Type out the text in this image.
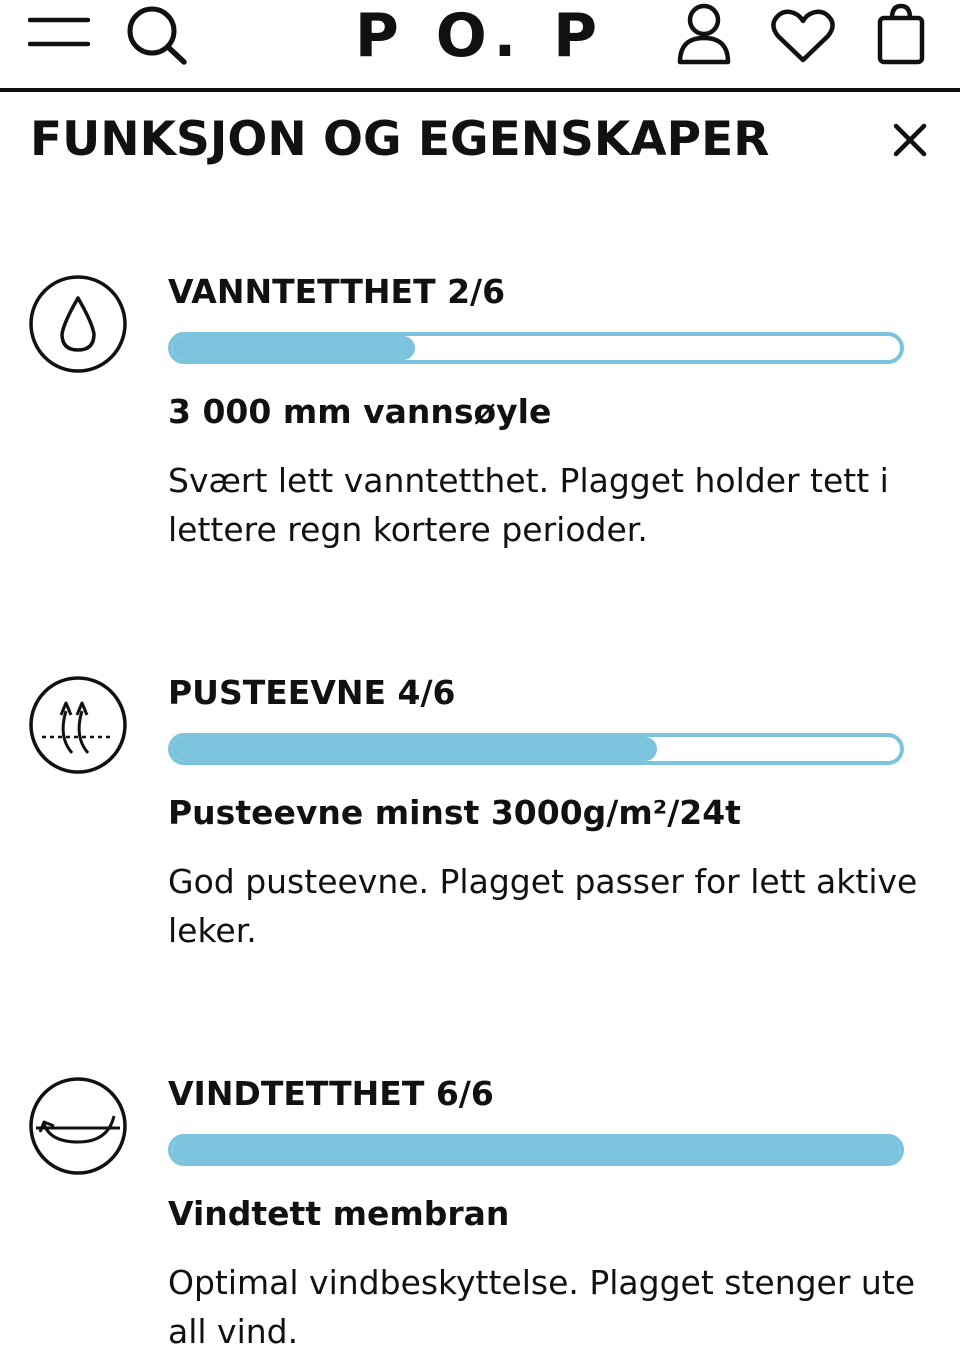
P O. P
FUNKSJON OG EGENSKAPER
VANNTETTHET 2/6
3 000 mm vannsøyle
Svært lett vanntetthet. Plagget holder tett i lettere regn kortere perioder.
PUSTEEVNE 4/6
Pusteevne minst 3000g/m²/24t
God pusteevne. Plagget passer for lett aktive leker.
VINDTETTHET 6/6
Vindtett membran
Optimal vindbeskyttelse. Plagget stenger ute all vind.
